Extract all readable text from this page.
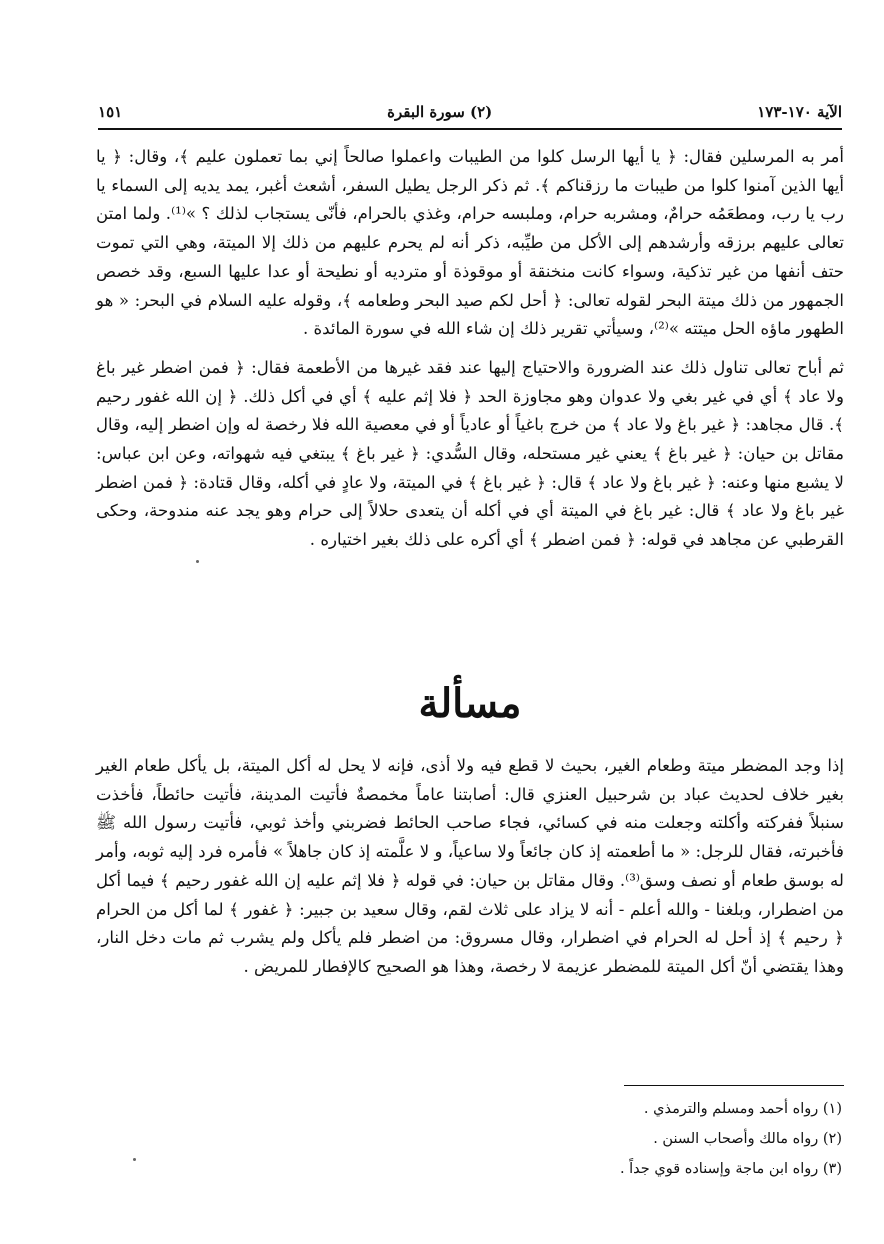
الآية ١٧٠-١٧٣
(٢) سورة البقرة
١٥١

أمر به المرسلين فقال: ﴿ يا أيها الرسل كلوا من الطيبات واعملوا صالحاً إني بما تعملون عليم ﴾، وقال: ﴿ يا أيها الذين آمنوا كلوا من طيبات ما رزقناكم ﴾. ثم ذكر الرجل يطيل السفر، أشعث أغبر، يمد يديه إلى السماء يا رب يا رب، ومطعَمُه حرامٌ، ومشربه حرام، وملبسه حرام، وغذي بالحرام، فأنّى يستجاب لذلك ؟ »⁽¹⁾. ولما امتن تعالى عليهم برزقه وأرشدهم إلى الأكل من طيِّبه، ذكر أنه لم يحرم عليهم من ذلك إلا الميتة، وهي التي تموت حتف أنفها من غير تذكية، وسواء كانت منخنقة أو موقوذة أو مترديه أو نطيحة أو عدا عليها السبع، وقد خصص الجمهور من ذلك ميتة البحر لقوله تعالى: ﴿ أحل لكم صيد البحر وطعامه ﴾، وقوله عليه السلام في البحر: « هو الطهور ماؤه الحل ميتته »⁽²⁾، وسيأتي تقرير ذلك إن شاء الله في سورة المائدة .

ثم أباح تعالى تناول ذلك عند الضرورة والاحتياج إليها عند فقد غيرها من الأطعمة فقال: ﴿ فمن اضطر غير باغ ولا عاد ﴾ أي في غير بغي ولا عدوان وهو مجاوزة الحد ﴿ فلا إثم عليه ﴾ أي في أكل ذلك. ﴿ إن الله غفور رحيم ﴾. قال مجاهد: ﴿ غير باغ ولا عاد ﴾ من خرج باغياً أو عادياً أو في معصية الله فلا رخصة له وإن اضطر إليه، وقال مقاتل بن حيان: ﴿ غير باغ ﴾ يعني غير مستحله، وقال السُّدي: ﴿ غير باغ ﴾ يبتغي فيه شهواته، وعن ابن عباس: لا يشبع منها وعنه: ﴿ غير باغ ولا عاد ﴾ قال: ﴿ غير باغ ﴾ في الميتة، ولا عادٍ في أكله، وقال قتادة: ﴿ فمن اضطر غير باغ ولا عاد ﴾ قال: غير باغ في الميتة أي في أكله أن يتعدى حلالاً إلى حرام وهو يجد عنه مندوحة، وحكى القرطبي عن مجاهد في قوله: ﴿ فمن اضطر ﴾ أي أكره على ذلك بغير اختياره .

مسألة

إذا وجد المضطر ميتة وطعام الغير، بحيث لا قطع فيه ولا أذى، فإنه لا يحل له أكل الميتة، بل يأكل طعام الغير بغير خلاف لحديث عباد بن شرحبيل العنزي قال: أصابتنا عاماً مخمصةٌ فأتيت المدينة، فأتيت حائطاً، فأخذت سنبلاً ففركته وأكلته وجعلت منه في كسائي، فجاء صاحب الحائط فضربني وأخذ ثوبي، فأتيت رسول الله ﷺ فأخبرته، فقال للرجل: « ما أطعمته إذ كان جائعاً ولا ساعياً، و لا علَّمته إذ كان جاهلاً » فأمره فرد إليه ثوبه، وأمر له بوسق طعام أو نصف وسق⁽³⁾. وقال مقاتل بن حيان: في قوله ﴿ فلا إثم عليه إن الله غفور رحيم ﴾ فيما أكل من اضطرار، وبلغنا - والله أعلم - أنه لا يزاد على ثلاث لقم، وقال سعيد بن جبير: ﴿ غفور ﴾ لما أكل من الحرام ﴿ رحيم ﴾ إذ أحل له الحرام في اضطرار، وقال مسروق: من اضطر فلم يأكل ولم يشرب ثم مات دخل النار، وهذا يقتضي أنّ أكل الميتة للمضطر عزيمة لا رخصة، وهذا هو الصحيح كالإفطار للمريض .

(١) رواه أحمد ومسلم والترمذي .

(٢) رواه مالك وأصحاب السنن .

(٣) رواه ابن ماجة وإسناده قوي جداً .
